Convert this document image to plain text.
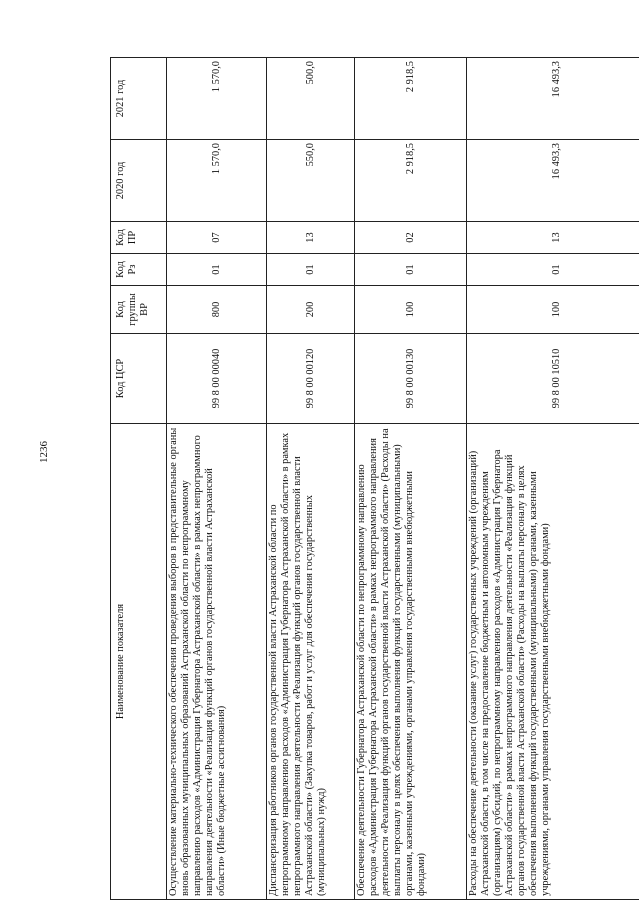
1236
Наименование показателя	Код ЦСР	Код группы ВР	Код Рз	Код ПР	2020 год	2021 год
Осуществление материально-технического обеспечения проведения выборов в представительные органы вновь образованных муниципальных образований Астраханской области по непрограммному направлению расходов «Администрация Губернатора Астраханской области» в рамках непрограммного направления деятельности «Реализация функций органов государственной власти Астраханской области» (Иные бюджетные ассигнования)	99 8 00 00040	800	01	07	1 570,0	1 570,0
Диспансеризация работников органов государственной власти Астраханской области по непрограммному направлению расходов «Администрация Губернатора Астраханской области» в рамках непрограммного направления деятельности «Реализация функций органов государственной власти Астраханской области» (Закупка товаров, работ и услуг для обеспечения государственных (муниципальных) нужд)	99 8 00 00120	200	01	13	550,0	500,0
Обеспечение деятельности Губернатора Астраханской области по непрограммному направлению расходов «Администрация Губернатора Астраханской области» в рамках непрограммного направления деятельности «Реализация функций органов государственной власти Астраханской области» (Расходы на выплаты персоналу в целях обеспечения выполнения функций государственными (муниципальными) органами, казенными учреждениями, органами управления государственными внебюджетными фондами)	99 8 00 00130	100	01	02	2 918,5	2 918,5
Расходы на обеспечение деятельности (оказание услуг) государственных учреждений (организаций) Астраханской области, в том числе на предоставление бюджетным и автономным учреждениям (организациям) субсидий, по непрограммному направлению расходов «Администрация Губернатора Астраханской области» в рамках непрограммного направления деятельности «Реализация функций органов государственной власти Астраханской области» (Расходы на выплаты персоналу в целях обеспечения выполнения функций государственными (муниципальными) органами, казенными учреждениями, органами управления государственными внебюджетными фондами)	99 8 00 10510	100	01	13	16 493,3	16 493,3
